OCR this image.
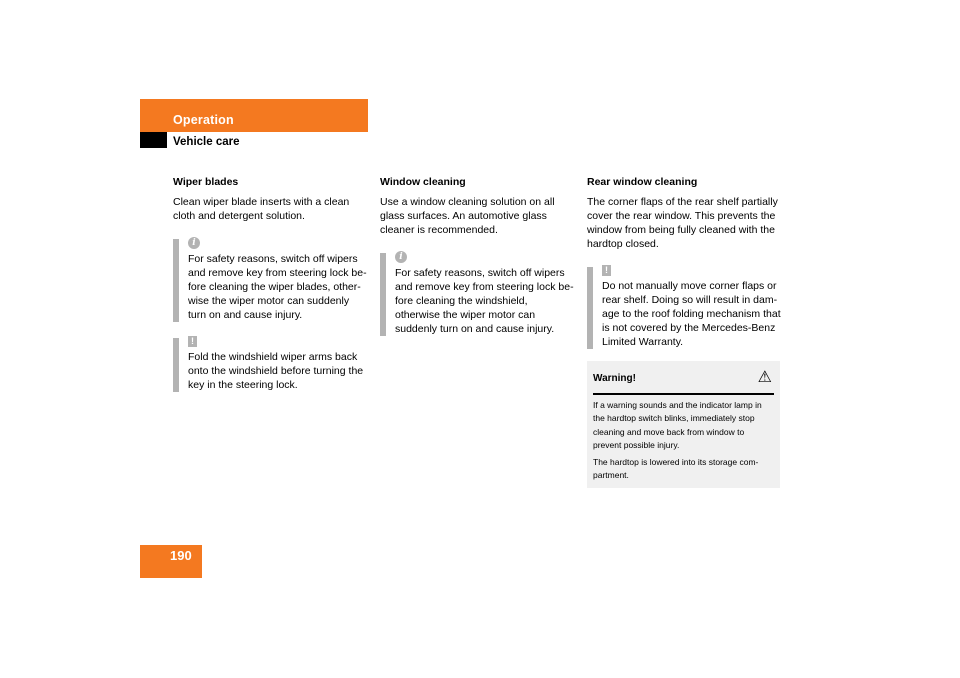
Operation
Vehicle care

Wiper blades

Clean wiper blade inserts with a clean cloth and detergent solution.

i
For safety reasons, switch off wipers and remove key from steering lock be- fore cleaning the wiper blades, other- wise the wiper motor can suddenly turn on and cause injury.
!
Fold the windshield wiper arms back onto the windshield before turning the key in the steering lock.

Window cleaning

Use a window cleaning solution on all glass surfaces. An automotive glass cleaner is recommended.

i
For safety reasons, switch off wipers and remove key from steering lock be- fore cleaning the windshield, otherwise the wiper motor can suddenly turn on and cause injury.

Rear window cleaning

The corner flaps of the rear shelf partially cover the rear window. This prevents the window from being fully cleaned with the hardtop closed.

!
Do not manually move corner flaps or rear shelf. Doing so will result in dam- age to the roof folding mechanism that is not covered by the Mercedes-Benz Limited Warranty.
Warning!	⚠

If a warning sounds and the indicator lamp in the hardtop switch blinks, immediately stop cleaning and move back from window to prevent possible injury.

The hardtop is lowered into its storage com- partment.

190
